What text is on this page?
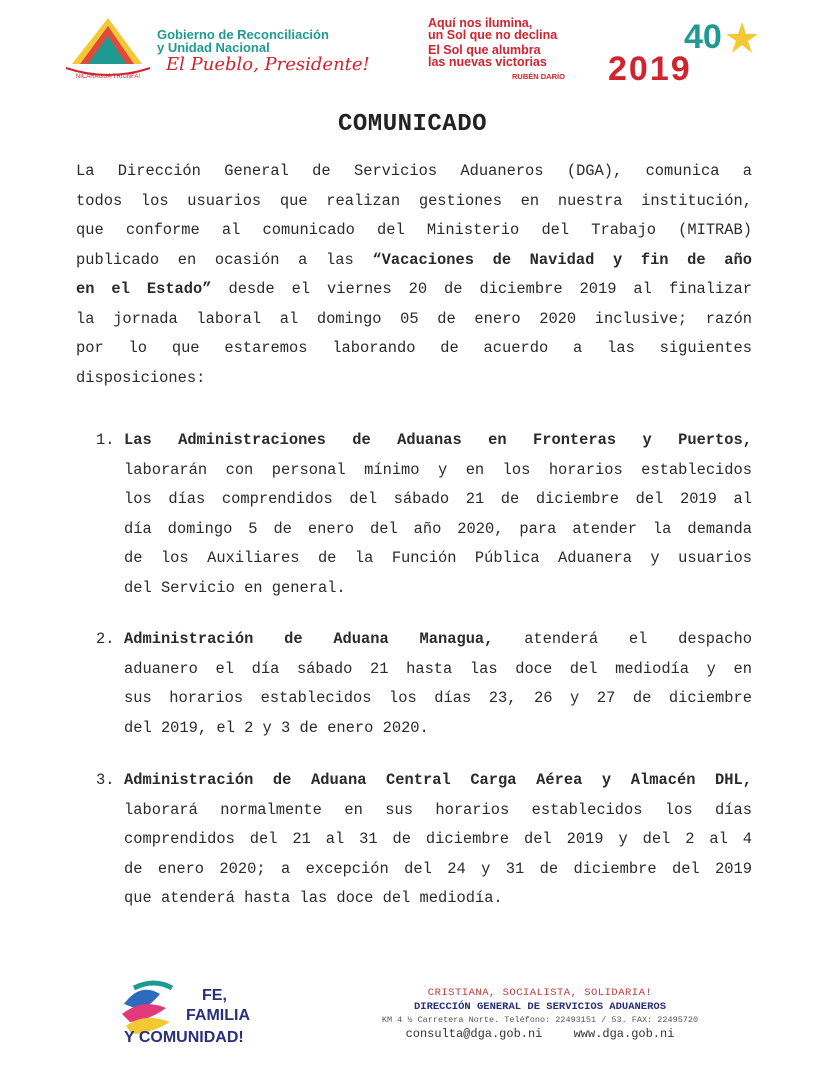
NICARAGUA TRIUNFA!
Gobierno de Reconciliación
y Unidad Nacional
El Pueblo, Presidente!
Aquí nos ilumina,
un Sol que no declina
El Sol que alumbra
las nuevas victorias
RUBÉN DARÍO
40
2019
COMUNICADO
La Dirección General de Servicios Aduaneros (DGA), comunica a
todos los usuarios que realizan gestiones en nuestra institución,
que conforme al comunicado del Ministerio del Trabajo (MITRAB)
publicado en ocasión a las “Vacaciones de Navidad y fin de año
en el Estado” desde el viernes 20 de diciembre 2019 al finalizar
la jornada laboral al domingo 05 de enero 2020 inclusive; razón
por lo que estaremos laborando de acuerdo a las siguientes
disposiciones:
1. Las Administraciones de Aduanas en Fronteras y Puertos,
laborarán con personal mínimo y en los horarios establecidos
los días comprendidos del sábado 21 de diciembre del 2019 al
día domingo 5 de enero del año 2020, para atender la demanda
de los Auxiliares de la Función Pública Aduanera y usuarios
del Servicio en general.
2. Administración de Aduana Managua, atenderá el despacho
aduanero el día sábado 21 hasta las doce del mediodía y en
sus horarios establecidos los días 23, 26 y 27 de diciembre
del 2019, el 2 y 3 de enero 2020.
3. Administración de Aduana Central Carga Aérea y Almacén DHL,
laborará normalmente en sus horarios establecidos los días
comprendidos del 21 al 31 de diciembre del 2019 y del 2 al 4
de enero 2020; a excepción del 24 y 31 de diciembre del 2019
que atenderá hasta las doce del mediodía.
FE,
FAMILIA
Y COMUNIDAD!
CRISTIANA, SOCIALISTA, SOLIDARIA!
DIRECCIÓN GENERAL DE SERVICIOS ADUANEROS
KM 4 ½ Carretera Norte. Teléfono: 22493151 / 53. FAX: 22495720
consulta@dga.gob.ni	www.dga.gob.ni
